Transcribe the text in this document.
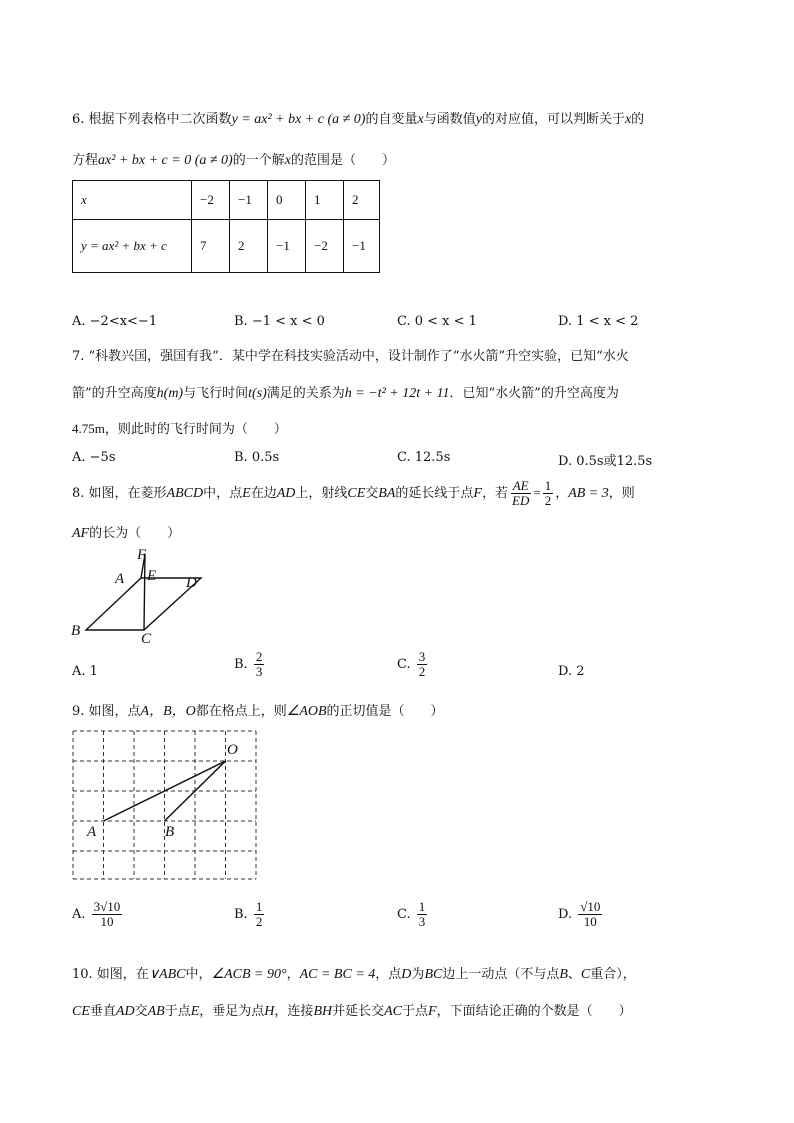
6. 根据下列表格中二次函数y = ax² + bx + c (a ≠ 0)的自变量x与函数值y的对应值，可以判断关于x的
方程ax² + bx + c = 0 (a ≠ 0)的一个解x的范围是（　　）
x	−2	−1	0	1	2
y = ax² + bx + c	7	2	−1	−2	−1
A. −2<x<−1	B. −1 < x < 0	C. 0 < x < 1	D. 1 < x < 2
7. “科教兴国，强国有我”．某中学在科技实验活动中，设计制作了“水火箭”升空实验，已知“水火
箭”的升空高度h(m)与飞行时间t(s)满足的关系为h = −t² + 12t + 11．已知“水火箭”的升空高度为
4.75m，则此时的飞行时间为（　　）
A. −5s	B. 0.5s	C. 12.5s	D. 0.5s或12.5s
8. 如图，在菱形ABCD中，点E在边AD上，射线CE交BA的延长线于点F，若 $\frac{AE}{ED} = \frac{1}{2}$ ，AB = 3，则
AF的长为（　　）
F
A E D
B	C
A. 1	B. $\frac{2}{3}$	C. $\frac{3}{2}$	D. 2
9. 如图，点A，B，O都在格点上，则∠AOB的正切值是（　　）
O
A	B
A. $\frac{3√10}{10}$	B. $\frac{1}{2}$	C. $\frac{1}{3}$	D. $\frac{√10}{10}$
10. 如图，在∨ABC中，∠ACB = 90°，AC = BC = 4，点D为BC边上一动点（不与点B、C重合），
CE垂直AD交AB于点E，垂足为点H，连接BH并延长交AC于点F，下面结论正确的个数是（　　）
